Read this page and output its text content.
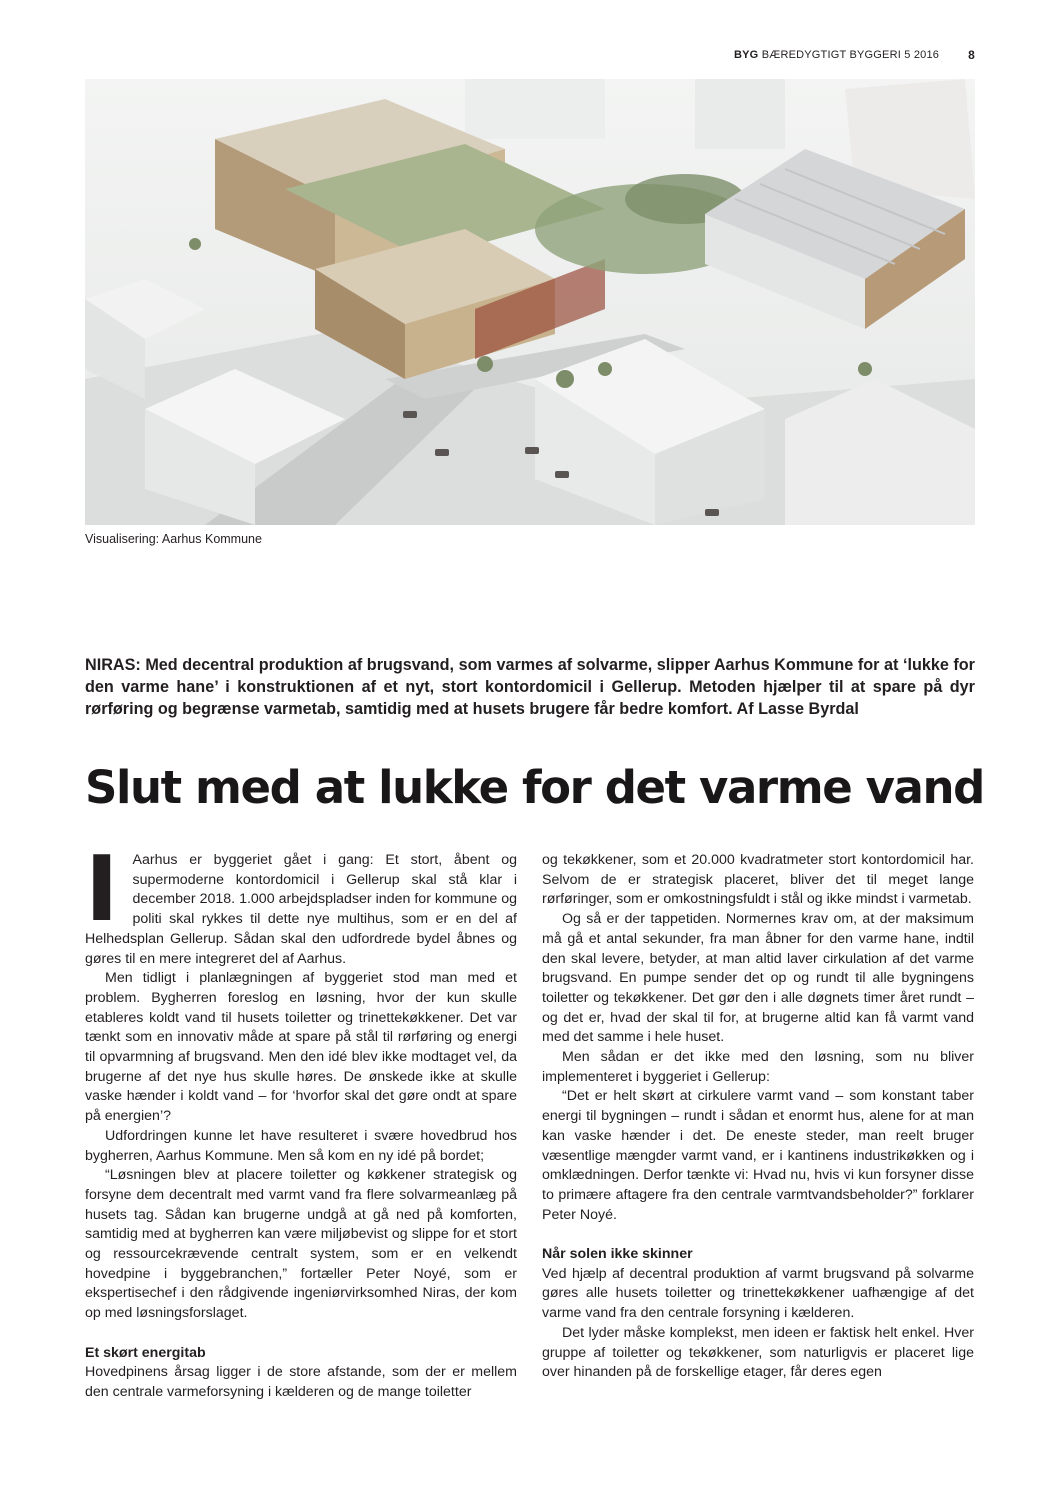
BYG BÆREDYGTIGT BYGGERI 5 2016 8
Visualisering: Aarhus Kommune
NIRAS: Med decentral produktion af brugsvand, som varmes af solvarme, slipper Aarhus Kommune for at ‘lukke for den varme hane’ i konstruktionen af et nyt, stort kontordomicil i Gellerup. Metoden hjælper til at spare på dyr rørføring og begrænse varmetab, samtidig med at husets brugere får bedre komfort. Af Lasse Byrdal
Slut med at lukke for det varme vand

I Aarhus er byggeriet gået i gang: Et stort, åbent og supermoderne kontordomicil i Gellerup skal stå klar i december 2018. 1.000 arbejdspladser inden for kommune og politi skal rykkes til dette nye multihus, som er en del af Helhedsplan Gellerup. Sådan skal den udfordrede bydel åbnes og gøres til en mere integreret del af Aarhus.

Men tidligt i planlægningen af byggeriet stod man med et problem. Bygherren foreslog en løsning, hvor der kun skulle etableres koldt vand til husets toiletter og trinettekøkkener. Det var tænkt som en innovativ måde at spare på stål til rørføring og energi til opvarmning af brugsvand. Men den idé blev ikke modtaget vel, da brugerne af det nye hus skulle høres. De ønskede ikke at skulle vaske hænder i koldt vand – for ‘hvorfor skal det gøre ondt at spare på energien’?

Udfordringen kunne let have resulteret i svære hovedbrud hos bygherren, Aarhus Kommune. Men så kom en ny idé på bordet;

“Løsningen blev at placere toiletter og køkkener strategisk og forsyne dem decentralt med varmt vand fra flere solvarmeanlæg på husets tag. Sådan kan brugerne undgå at gå ned på komforten, samtidig med at bygherren kan være miljøbevist og slippe for et stort og ressourcekrævende centralt system, som er en velkendt hovedpine i byggebranchen,” fortæller Peter Noyé, som er ekspertisechef i den rådgivende ingeniørvirksomhed Niras, der kom op med løsningsforslaget.

Et skørt energitab

Hovedpinens årsag ligger i de store afstande, som der er mellem den centrale varmeforsyning i kælderen og de mange toiletter

og tekøkkener, som et 20.000 kvadratmeter stort kontordomicil har. Selvom de er strategisk placeret, bliver det til meget lange rørføringer, som er omkostningsfuldt i stål og ikke mindst i varmetab.

Og så er der tappetiden. Normernes krav om, at der maksimum må gå et antal sekunder, fra man åbner for den varme hane, indtil den skal levere, betyder, at man altid laver cirkulation af det varme brugsvand. En pumpe sender det op og rundt til alle bygningens toiletter og tekøkkener. Det gør den i alle døgnets timer året rundt – og det er, hvad der skal til for, at brugerne altid kan få varmt vand med det samme i hele huset.

Men sådan er det ikke med den løsning, som nu bliver implementeret i byggeriet i Gellerup:

“Det er helt skørt at cirkulere varmt vand – som konstant taber energi til bygningen – rundt i sådan et enormt hus, alene for at man kan vaske hænder i det. De eneste steder, man reelt bruger væsentlige mængder varmt vand, er i kantinens industrikøkken og i omklædningen. Derfor tænkte vi: Hvad nu, hvis vi kun forsyner disse to primære aftagere fra den centrale varmtvandsbeholder?” forklarer Peter Noyé.

Når solen ikke skinner

Ved hjælp af decentral produktion af varmt brugsvand på solvarme gøres alle husets toiletter og trinettekøkkener uafhængige af det varme vand fra den centrale forsyning i kælderen.

Det lyder måske komplekst, men ideen er faktisk helt enkel. Hver gruppe af toiletter og tekøkkener, som naturligvis er placeret lige over hinanden på de forskellige etager, får deres egen
